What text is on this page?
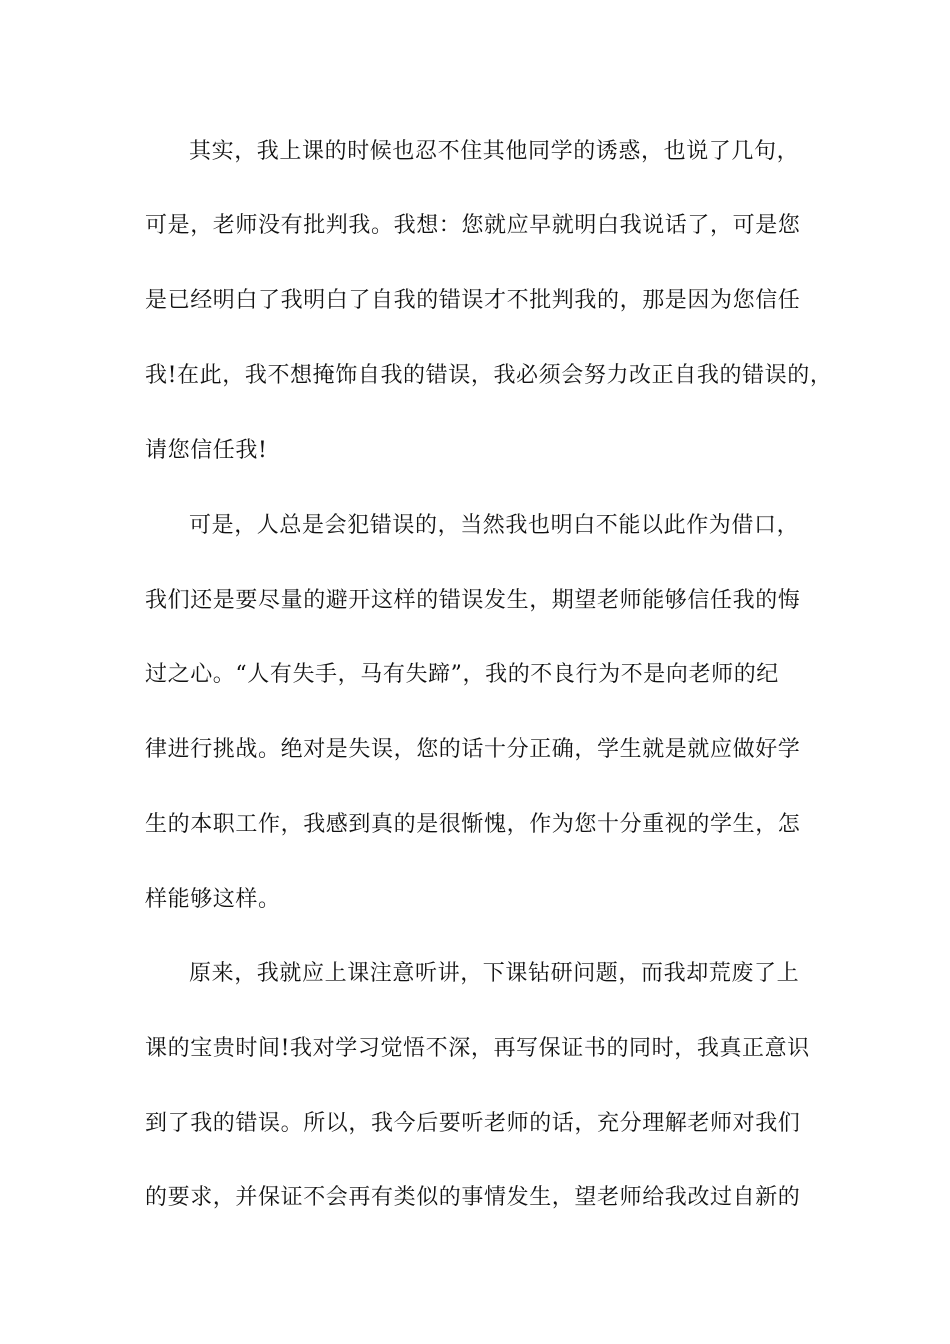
其实，我上课的时候也忍不住其他同学的诱惑，也说了几句，
可是，老师没有批判我。我想：您就应早就明白我说话了，可是您
是已经明白了我明白了自我的错误才不批判我的，那是因为您信任
我!在此，我不想掩饰自我的错误，我必须会努力改正自我的错误的，
请您信任我!
可是，人总是会犯错误的，当然我也明白不能以此作为借口，
我们还是要尽量的避开这样的错误发生，期望老师能够信任我的悔
过之心。“人有失手，马有失蹄”，我的不良行为不是向老师的纪
律进行挑战。绝对是失误，您的话十分正确，学生就是就应做好学
生的本职工作，我感到真的是很惭愧，作为您十分重视的学生，怎
样能够这样。
原来，我就应上课注意听讲，下课钻研问题，而我却荒废了上
课的宝贵时间!我对学习觉悟不深，再写保证书的同时，我真正意识
到了我的错误。所以，我今后要听老师的话，充分理解老师对我们
的要求，并保证不会再有类似的事情发生，望老师给我改过自新的
